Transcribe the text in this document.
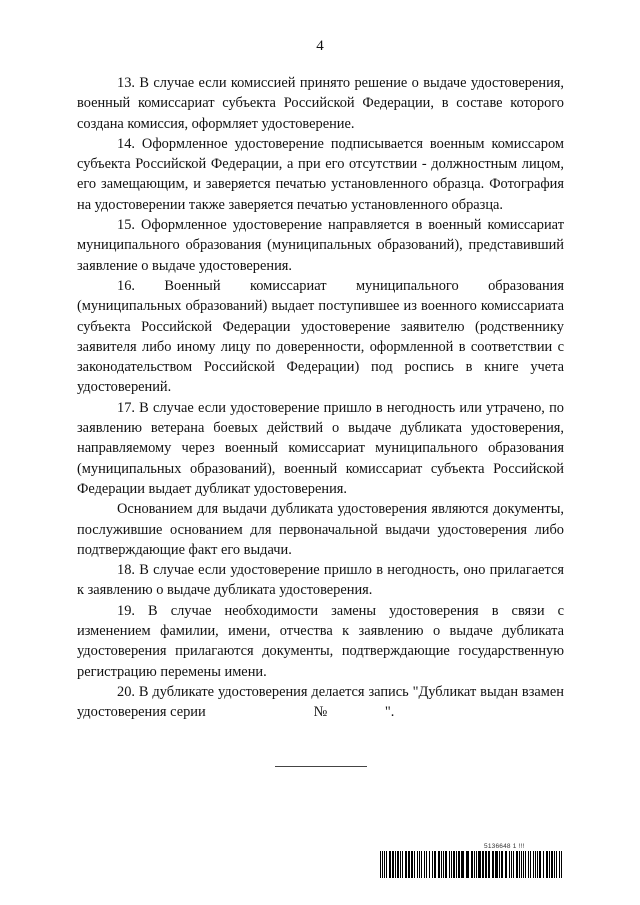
4

13. В случае если комиссией принято решение о выдаче удостоверения, военный комиссариат субъекта Российской Федерации, в составе которого создана комиссия, оформляет удостоверение.

14. Оформленное удостоверение подписывается военным комиссаром субъекта Российской Федерации, а при его отсутствии - должностным лицом, его замещающим, и заверяется печатью установленного образца. Фотография на удостоверении также заверяется печатью установленного образца.

15. Оформленное удостоверение направляется в военный комиссариат муниципального образования (муниципальных образований), представивший заявление о выдаче удостоверения.

16. Военный комиссариат муниципального образования (муниципальных образований) выдает поступившее из военного комиссариата субъекта Российской Федерации удостоверение заявителю (родственнику заявителя либо иному лицу по доверенности, оформленной в соответствии с законодательством Российской Федерации) под роспись в книге учета удостоверений.

17. В случае если удостоверение пришло в негодность или утрачено, по заявлению ветерана боевых действий о выдаче дубликата удостоверения, направляемому через военный комиссариат муниципального образования (муниципальных образований), военный комиссариат субъекта Российской Федерации выдает дубликат удостоверения.

Основанием для выдачи дубликата удостоверения являются документы, послужившие основанием для первоначальной выдачи удостоверения либо подтверждающие факт его выдачи.

18. В случае если удостоверение пришло в негодность, оно прилагается к заявлению о выдаче дубликата удостоверения.

19. В случае необходимости замены удостоверения в связи с изменением фамилии, имени, отчества к заявлению о выдаче дубликата удостоверения прилагаются документы, подтверждающие государственную регистрацию перемены имени.

20. В дубликате удостоверения делается запись "Дубликат выдан взамен удостоверения серии                              №                ".

5136648 1 !!!
